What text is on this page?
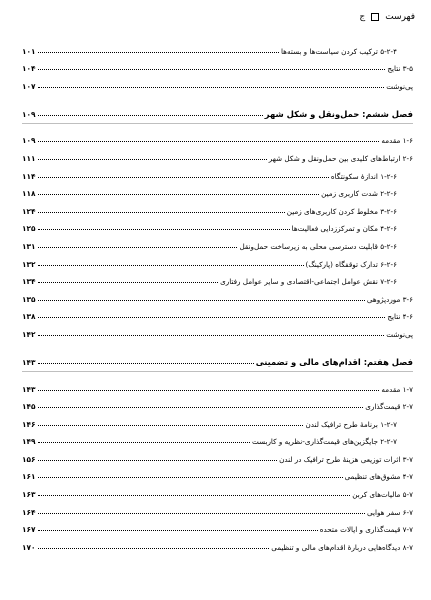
فهرست
ج
۵-۲-۴ ترکیب کردن سیاست‌ها و بسته‌ها
۱۰۱
۳-۵ نتایج
۱۰۴
پی‌نوشت
۱۰۷
فصل ششم: حمل‌ونقل و شکل شهر
۱۰۹
۱-۶ مقدمه
۱۰۹
۲-۶ ارتباط‌های کلیدی بین حمل‌ونقل و شکل شهر
۱۱۱
۱-۲-۶ اندازهٔ سکونتگاه
۱۱۴
۲-۲-۶ شدت کاربری زمین
۱۱۸
۳-۲-۶ مخلوط کردن کاربری‌های زمین
۱۲۴
۴-۲-۶ مکان و تمرکززدایی فعالیت‌ها
۱۲۵
۵-۲-۶ قابلیت دسترسی محلی به زیرساخت حمل‌ونقل
۱۳۱
۶-۲-۶ تدارک توقفگاه (پارکینگ)
۱۳۲
۷-۲-۶ نقش عوامل اجتماعی-اقتصادی و سایر عوامل رفتاری
۱۳۴
۳-۶ موردپژوهی
۱۳۵
۴-۶ نتایج
۱۳۸
پی‌نوشت
۱۴۲
فصل هفتم: اقدام‌های مالی و تضمینی
۱۴۳
۱-۷ مقدمه
۱۴۳
۲-۷ قیمت‌گذاری
۱۴۵
۱-۲-۷ برنامهٔ طرح ترافیک لندن
۱۴۶
۲-۲-۷ جایگزین‌های قیمت‌گذاری-نظریه و کاربست
۱۴۹
۳-۷ اثرات توزیعی هزینهٔ طرح ترافیک در لندن
۱۵۶
۴-۷ مشوق‌های تنظیمی
۱۶۱
۵-۷ مالیات‌های کربن
۱۶۳
۶-۷ سفر هوایی
۱۶۴
۷-۷ قیمت‌گذاری و ایالات متحده
۱۶۷
۸-۷ دیدگاه‌هایی دربارهٔ اقدام‌های مالی و تنظیمی
۱۷۰
